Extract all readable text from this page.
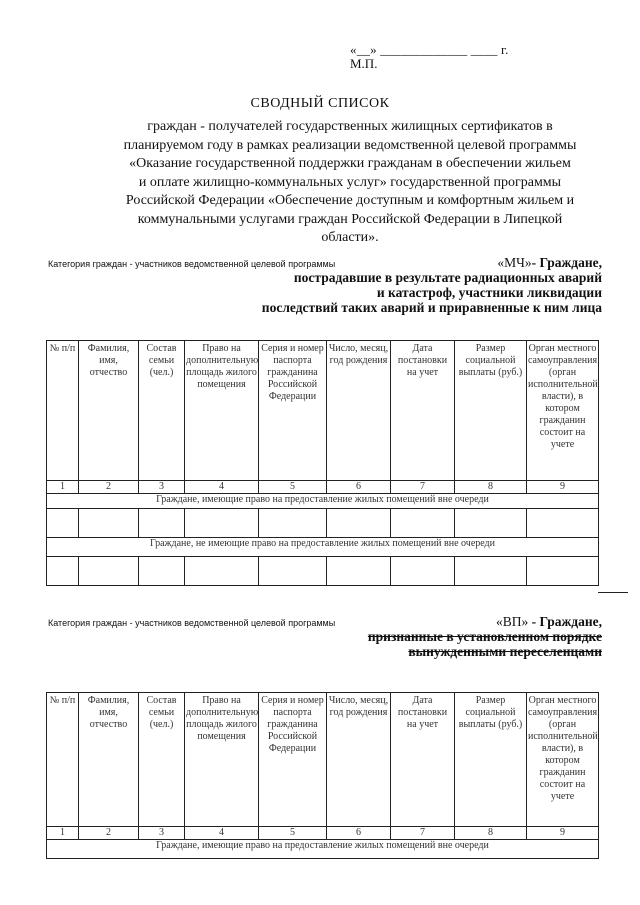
«__» _____________ ____ г.
М.П.
СВОДНЫЙ СПИСОК
граждан - получателей государственных жилищных сертификатов в
планируемом году в рамках реализации ведомственной целевой программы
«Оказание государственной поддержки гражданам в обеспечении жильем
и оплате жилищно-коммунальных услуг» государственной программы
Российской Федерации «Обеспечение доступным и комфортным жильем и
коммунальными услугами граждан Российской Федерации в Липецкой
области».
Категория граждан - участников ведомственной целевой программы	«МЧ»- Граждане,
пострадавшие в результате радиационных аварий
и катастроф, участники ликвидации
последствий таких аварий и приравненные к ним лица
№ п/п	Фамилия, имя, отчество	Состав семьи (чел.)	Право на дополнительную площадь жилого помещения	Серия и номер паспорта гражданина Российской Федерации	Число, месяц, год рождения	Дата постановки на учет	Размер социальной выплаты (руб.)	Орган местного самоуправления (орган исполнительной власти), в котором гражданин состоит на учете
1	2	3	4	5	6	7	8	9
Граждане, имеющие право на предоставление жилых помещений вне очереди								

Граждане, не имеющие право на предоставление жилых помещений вне очереди								

Категория граждан - участников ведомственной целевой программы	«ВП» - Граждане,
признанные в установленном порядке
вынужденными переселенцами
№ п/п	Фамилия, имя, отчество	Состав семьи (чел.)	Право на дополнительную площадь жилого помещения	Серия и номер паспорта гражданина Российской Федерации	Число, месяц, год рождения	Дата постановки на учет	Размер социальной выплаты (руб.)	Орган местного самоуправления (орган исполнительной власти), в котором гражданин состоит на учете
1	2	3	4	5	6	7	8	9
Граждане, имеющие право на предоставление жилых помещений вне очереди								
